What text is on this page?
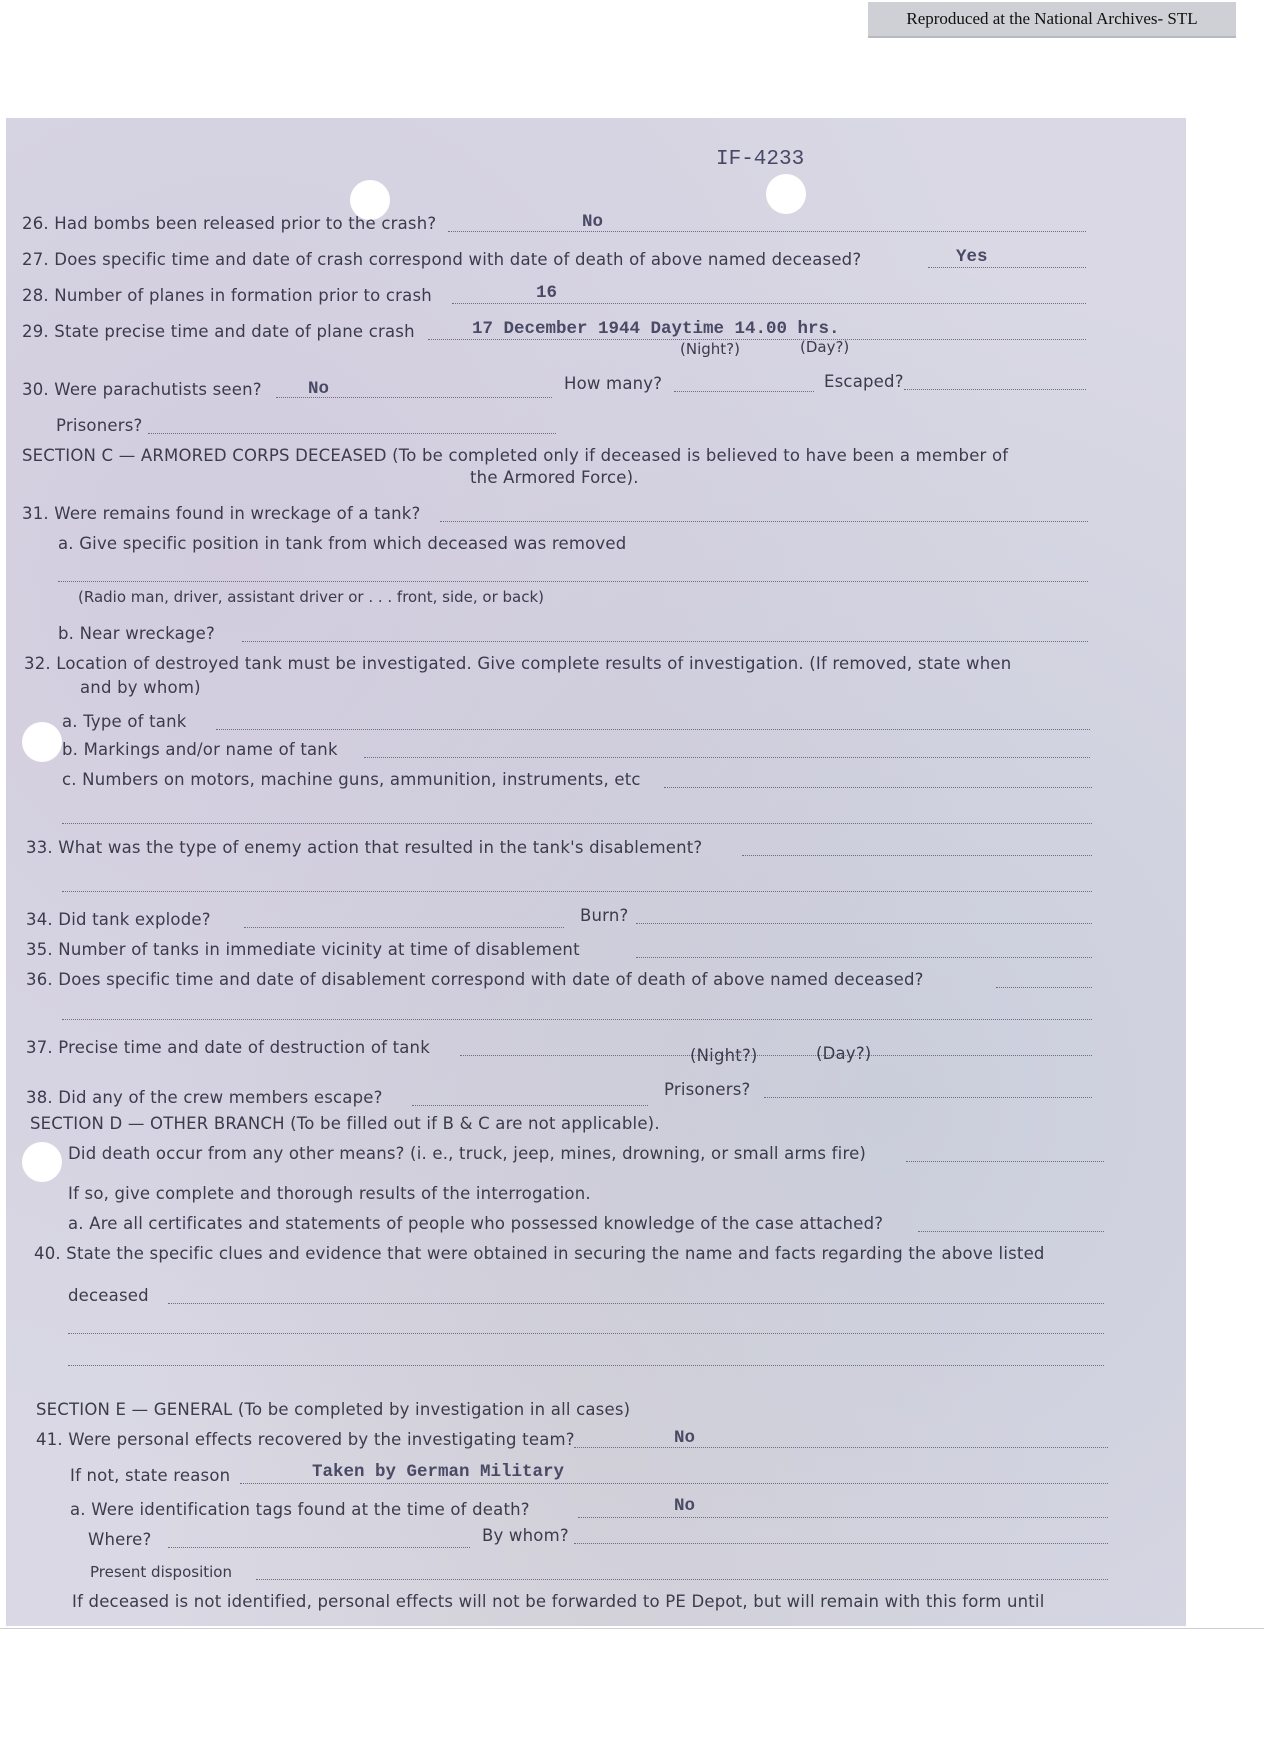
Reproduced at the National Archives- STL
IF-4233
26. Had bombs been released prior to the crash?	No
27. Does specific time and date of crash correspond with date of death of above named deceased?	Yes
28. Number of planes in formation prior to crash	16
29. State precise time and date of plane crash	17 December 1944 Daytime 14.00 hrs.
(Night?)	(Day?)
30. Were parachutists seen?	No	How many?	Escaped?
Prisoners?
SECTION C — ARMORED CORPS DECEASED (To be completed only if deceased is believed to have been a member of
the Armored Force).
31. Were remains found in wreckage of a tank?
a. Give specific position in tank from which deceased was removed
(Radio man, driver, assistant driver or . . . front, side, or back)
b. Near wreckage?
32. Location of destroyed tank must be investigated. Give complete results of investigation. (If removed, state when
and by whom)
a. Type of tank
b. Markings and/or name of tank
c. Numbers on motors, machine guns, ammunition, instruments, etc
33. What was the type of enemy action that resulted in the tank's disablement?
34. Did tank explode?	Burn?
35. Number of tanks in immediate vicinity at time of disablement
36. Does specific time and date of disablement correspond with date of death of above named deceased?
37. Precise time and date of destruction of tank	(Night?)	(Day?)
38. Did any of the crew members escape?	Prisoners?
SECTION D — OTHER BRANCH (To be filled out if B & C are not applicable).
Did death occur from any other means? (i. e., truck, jeep, mines, drowning, or small arms fire)
If so, give complete and thorough results of the interrogation.
a. Are all certificates and statements of people who possessed knowledge of the case attached?
40. State the specific clues and evidence that were obtained in securing the name and facts regarding the above listed
deceased
SECTION E — GENERAL (To be completed by investigation in all cases)
41. Were personal effects recovered by the investigating team?	No
If not, state reason	Taken by German Military
a. Were identification tags found at the time of death?	No
Where?	By whom?
Present disposition
If deceased is not identified, personal effects will not be forwarded to PE Depot, but will remain with this form until
